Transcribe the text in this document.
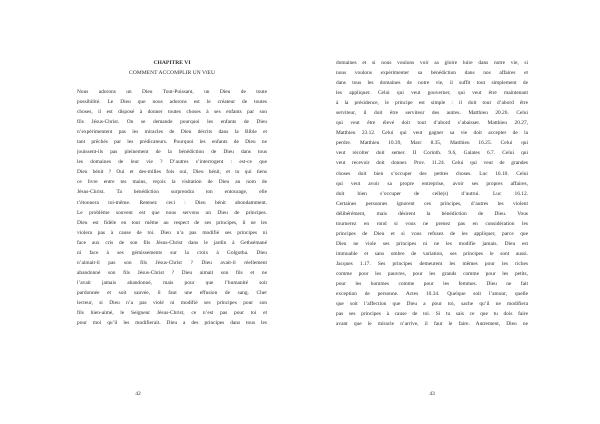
CHAPITRE VI
COMMENT ACCOMPLIR UN VŒU
Nous adorons un Dieu Tout-Puissant, un Dieu de toute
possibilité. Le Dieu que nous adorons est le créateur de toutes
choses, il est disposé à donner toutes choses à ses enfants par son
fils Jésus-Christ. On se demande pourquoi les enfants de Dieu
n’expérimentent pas les miracles de Dieu décrits dans la Bible et
tant prêchés par les prédicateurs. Pourquoi les enfants de Dieu ne
jouissent-ils pas pleinement de la bénédiction de Dieu dans tous
les domaines de leur vie ? D’autres s’interrogent : est-ce que
Dieu bénit ? Oui et des-milles fois oui, Dieu bénit, et tu qui tiens
ce livre entre tes mains, reçois la visitation de Dieu au nom de
Jésus-Christ. Ta bénédiction surprendra ton entourage, elle
t’étonnera toi-même. Retenez ceci : Dieu bénit abondamment.
Le problème souvent est que nous servons un Dieu de principes.
Dieu est fidèle en tout même au respect de ses principes, il ne les
violera pas à cause de toi. Dieu n’a pas modifié ses principes ni
face aux cris de son fils Jésus-Christ dans le jardin à Gethsémané
ni face à ses gémissements sur la croix à Golgotha. Dieu
n’aimait-il pas son fils Jésus-Christ ? Dieu avait-il réellement
abandonné son fils Jésus-Christ ? Dieu aimait son fils et ne
l’avait jamais abandonné, mais pour que l’humanité soit
pardonnée et soit sauvée, il faut une effusion de sang. Cher
lecteur, si Dieu n’a pas violé ni modifié ses principes pour son
fils bien-aimé, le Seigneur Jésus-Christ, ce n’est pas pour toi et
pour moi qu’il les modifierait. Dieu a des principes dans tous les
42
domaines et si nous voulons voir sa gloire luire dans notre vie, si
nous voulons expérimenter sa bénédiction dans nos affaires et
dans tous les domaines de notre vie, il suffit tout simplement de
les appliquer. Celui qui veut gouverner, qui veut être maintenant
à la présidence, le principe est simple : il doit tout d’abord être
serviteur, il doit être serviteur des autres. Matthieu 20.26. Celui
qui veut être élevé doit tout d’abord s’abaisser. Matthieu 20.27,
Matthieu 23.12. Celui qui veut gagner sa vie doit accepter de la
perdre. Matthieu 10.39, Marc 8.35, Matthieu 16.25. Celui qui
veut récolter doit semer. II Corinth. 9.6, Galates 6.7. Celui qui
veut recevoir doit donner. Prov. 11.24. Celui qui veut de grandes
choses doit bien s’occuper des petites choses. Luc 16.10. Celui
qui veut avoir sa propre entreprise, avoir ses propres affaires,
doit bien s’occuper de celle(s) d’autrui. Luc 16.12.
Certaines personnes ignorent ces principes, d’autres les violent
délibérément, mais désirent la bénédiction de Dieu. Vous
tournerez en rond si vous ne prenez pas en considération les
principes de Dieu et si vous refusez de les appliquer, parce que
Dieu ne viole ses principes ni ne les modifie jamais. Dieu est
immuable et sans ombre de variation, ses principes le sont aussi.
Jacques 1.17. Ses principes demeurent les mêmes pour les riches
comme pour les pauvres, pour les grands comme pour les petits,
pour les hommes comme pour les femmes. Dieu ne fait
exception de personne. Actes 10.34. Quelque soit l’amour, quelle
que soit l’affection que Dieu a pour toi, sache qu’il ne modifiera
pas ses principes à cause de toi. Si tu sais ce que tu dois faire
avant que le miracle n’arrive, il faut le faire. Autrement, Dieu ne
43
